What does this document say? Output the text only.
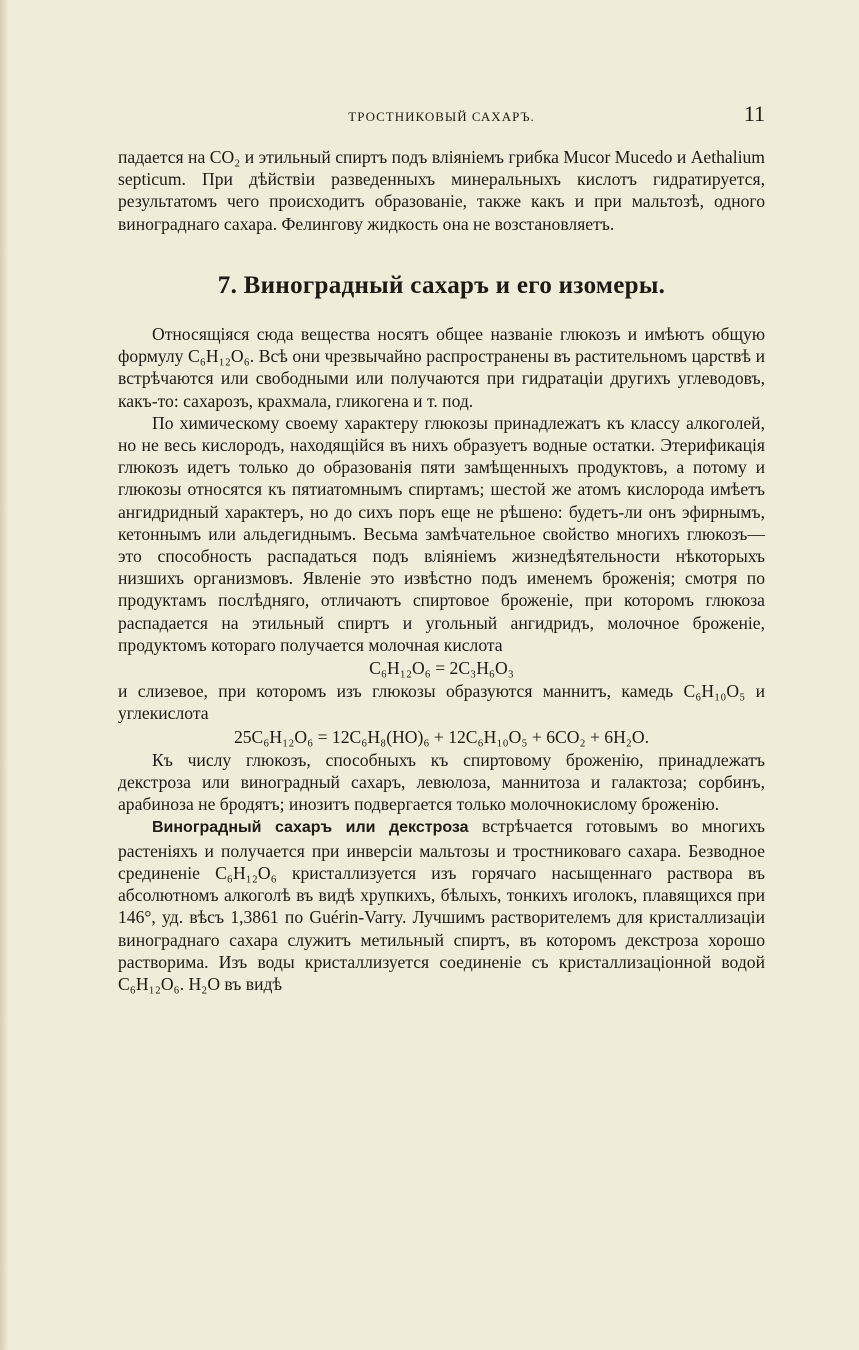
ТРОСТНИКОВЫЙ САХАРЪ.	11

падается на CO₂ и этильный спиртъ подъ вліяніемъ грибка Mucor Mucedo и Aethalium septicum. При дѣйствіи разведенныхъ минеральныхъ кислотъ гидратируется, результатомъ чего происходитъ образованіе, также какъ и при мальтозѣ, одного винограднаго сахара. Фелингову жидкость она не возстановляетъ.

7. Виноградный сахаръ и его изомеры.

Относящіяся сюда вещества носятъ общее названіе глюкозъ и имѣютъ общую формулу C₆H₁₂O₆. Всѣ они чрезвычайно распространены въ растительномъ царствѣ и встрѣчаются или свободными или получаются при гидратаціи другихъ углеводовъ, какъ-то: сахарозъ, крахмала, гликогена и т. под.

По химическому своему характеру глюкозы принадлежатъ къ классу алкоголей, но не весь кислородъ, находящійся въ нихъ образуетъ водные остатки. Этерификація глюкозъ идетъ только до образованія пяти замѣщенныхъ продуктовъ, а потому и глюкозы относятся къ пятиатомнымъ спиртамъ; шестой же атомъ кислорода имѣетъ ангидридный характеръ, но до сихъ поръ еще не рѣшено: будетъ-ли онъ эфирнымъ, кетоннымъ или альдегиднымъ. Весьма замѣчательное свойство многихъ глюкозъ—это способность распадаться подъ вліяніемъ жизнедѣятельности нѣкоторыхъ низшихъ организмовъ. Явленіе это извѣстно подъ именемъ броженія; смотря по продуктамъ послѣдняго, отличаютъ спиртовое броженіе, при которомъ глюкоза распадается на этильный спиртъ и угольный ангидридъ, молочное броженіе, продуктомъ котораго получается молочная кислота

C₆H₁₂O₆ = 2C₃H₆O₃

и слизевое, при которомъ изъ глюкозы образуются маннитъ, камедь C₆H₁₀O₅ и углекислота

25C₆H₁₂O₆ = 12C₆H₈(HO)₆ + 12C₆H₁₀O₅ + 6CO₂ + 6H₂O.

Къ числу глюкозъ, способныхъ къ спиртовому броженію, принадлежатъ декстроза или виноградный сахаръ, левюлоза, маннитоза и галактоза; сорбинъ, арабиноза не бродятъ; инозитъ подвергается только молочнокислому броженію.

Виноградный сахаръ или декстроза встрѣчается готовымъ во многихъ растеніяхъ и получается при инверсіи мальтозы и тростниковаго сахара. Безводное срединеніе C₆H₁₂O₆ кристаллизуется изъ горячаго насыщеннаго раствора въ абсолютномъ алкоголѣ въ видѣ хрупкихъ, бѣлыхъ, тонкихъ иголокъ, плавящихся при 146°, уд. вѣсъ 1,3861 по Guérin-Varry. Лучшимъ растворителемъ для кристаллизаціи винограднаго сахара служитъ метильный спиртъ, въ которомъ декстроза хорошо растворима. Изъ воды кристаллизуется соединеніе съ кристаллизаціонной водой C₆H₁₂O₆. H₂O въ видѣ
